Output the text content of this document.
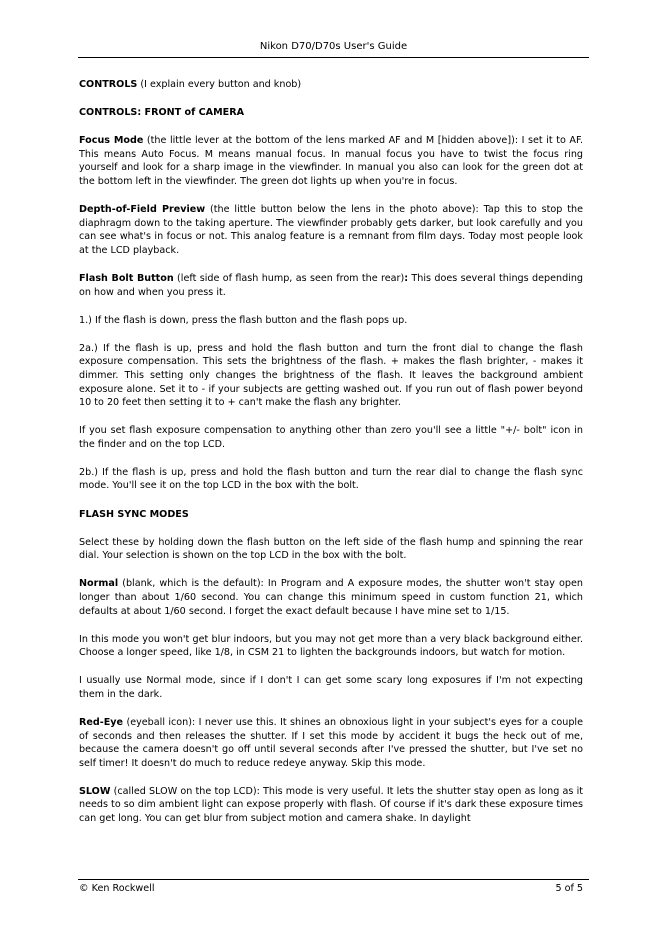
Nikon D70/D70s User's Guide

CONTROLS (I explain every button and knob)

CONTROLS: FRONT of CAMERA

Focus Mode (the little lever at the bottom of the lens marked AF and M [hidden above]): I set it to AF. This means Auto Focus. M means manual focus. In manual focus you have to twist the focus ring yourself and look for a sharp image in the viewfinder. In manual you also can look for the green dot at the bottom left in the viewfinder. The green dot lights up when you're in focus.

Depth-of-Field Preview (the little button below the lens in the photo above): Tap this to stop the diaphragm down to the taking aperture. The viewfinder probably gets darker, but look carefully and you can see what's in focus or not. This analog feature is a remnant from film days. Today most people look at the LCD playback.

Flash Bolt Button (left side of flash hump, as seen from the rear): This does several things depending on how and when you press it.

1.) If the flash is down, press the flash button and the flash pops up.

2a.) If the flash is up, press and hold the flash button and turn the front dial to change the flash exposure compensation. This sets the brightness of the flash. + makes the flash brighter, - makes it dimmer. This setting only changes the brightness of the flash. It leaves the background ambient exposure alone. Set it to - if your subjects are getting washed out. If you run out of flash power beyond 10 to 20 feet then setting it to + can't make the flash any brighter.

If you set flash exposure compensation to anything other than zero you'll see a little "+/- bolt" icon in the finder and on the top LCD.

2b.) If the flash is up, press and hold the flash button and turn the rear dial to change the flash sync mode. You'll see it on the top LCD in the box with the bolt.

FLASH SYNC MODES

Select these by holding down the flash button on the left side of the flash hump and spinning the rear dial. Your selection is shown on the top LCD in the box with the bolt.

Normal (blank, which is the default): In Program and A exposure modes, the shutter won't stay open longer than about 1/60 second. You can change this minimum speed in custom function 21, which defaults at about 1/60 second. I forget the exact default because I have mine set to 1/15.

In this mode you won't get blur indoors, but you may not get more than a very black background either. Choose a longer speed, like 1/8, in CSM 21 to lighten the backgrounds indoors, but watch for motion.

I usually use Normal mode, since if I don't I can get some scary long exposures if I'm not expecting them in the dark.

Red-Eye (eyeball icon): I never use this. It shines an obnoxious light in your subject's eyes for a couple of seconds and then releases the shutter. If I set this mode by accident it bugs the heck out of me, because the camera doesn't go off until several seconds after I've pressed the shutter, but I've set no self timer! It doesn't do much to reduce redeye anyway. Skip this mode.

SLOW (called SLOW on the top LCD): This mode is very useful. It lets the shutter stay open as long as it needs to so dim ambient light can expose properly with flash. Of course if it's dark these exposure times can get long. You can get blur from subject motion and camera shake. In daylight

© Ken Rockwell	5 of 5
